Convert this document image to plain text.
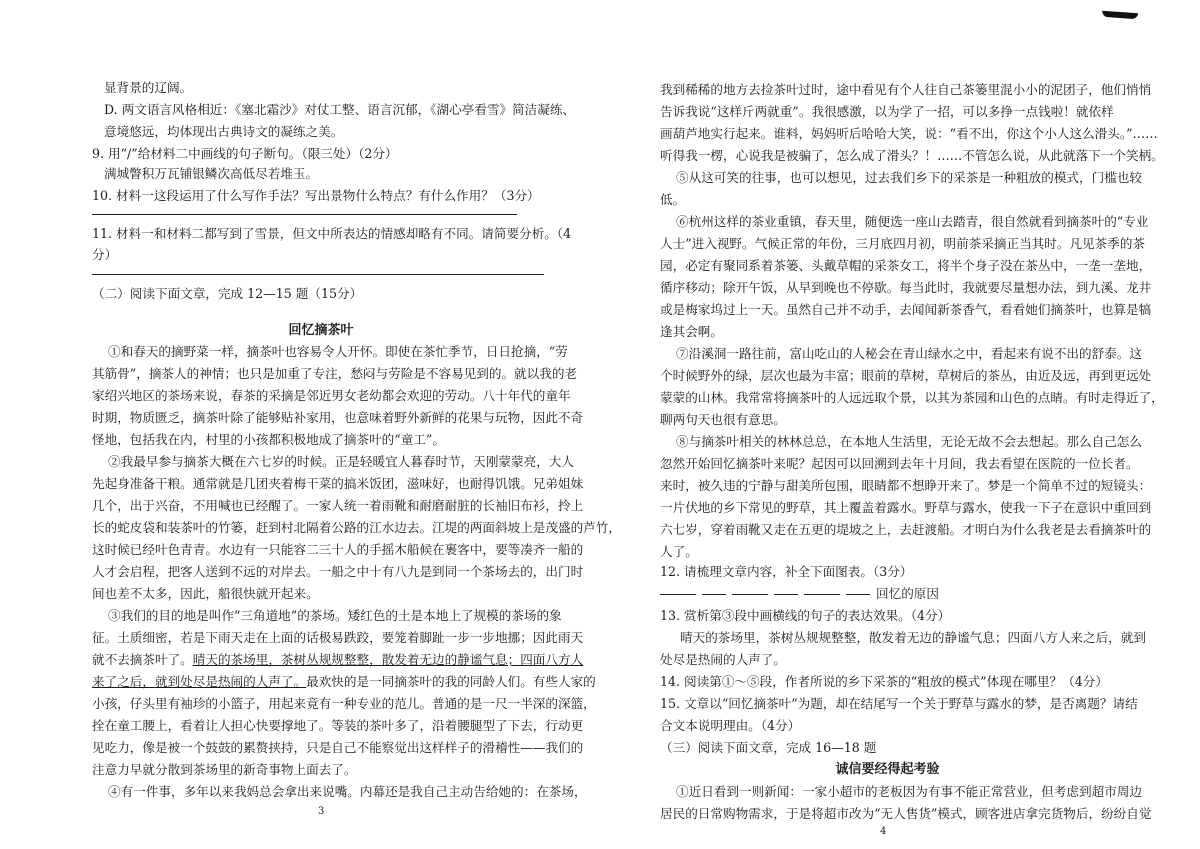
显背景的辽阔。
D. 两文语言风格相近：《塞北霜沙》对仗工整、语言沉郁，《湖心亭看雪》简洁凝练、
意境悠远，均体现出古典诗文的凝练之美。
9. 用“/”给材料二中画线的句子断句。（限三处）（2分）
满城瞥积万瓦铺银鳞次高低尽若堆玉。
10. 材料一这段运用了什么写作手法？写出景物什么特点？有什么作用？（3分）
11. 材料一和材料二都写到了雪景，但文中所表达的情感却略有不同。请简要分析。（4
分）
（二）阅读下面文章，完成 12—15 题（15分）
回忆摘茶叶
①和春天的摘野菜一样，摘茶叶也容易令人开怀。即使在茶忙季节，日日抢摘，“劳
其筋骨”，摘茶人的神情；也只是加重了专注，愁闷与劳险是不容易见到的。就以我的老
家绍兴地区的茶场来说，春茶的采摘是邻近男女老幼都会欢迎的劳动。八十年代的童年
时期，物质匮乏，摘茶叶除了能够贴补家用，也意味着野外新鲜的花果与玩物，因此不奇
怪地，包括我在内，村里的小孩都积极地成了摘茶叶的“童工”。
②我最早参与摘茶大概在六七岁的时候。正是轻暖宜人暮春时节，天刚蒙蒙亮，大人
先起身准备干粮。通常就是几团夹着梅干菜的搞米饭团，滋味好，也耐得饥饿。兄弟姐妹
几个，出于兴奋，不用喊也已经醒了。一家人统一着雨靴和耐磨耐脏的长袖旧布衫，拎上
长的蛇皮袋和装茶叶的竹篓，赶到村北隔着公路的江水边去。江堤的两面斜坡上是茂盛的芦竹，
这时候已经叶色青青。水边有一只能容二三十人的手摇木船候在裹客中，要等凑齐一船的
人才会启程，把客人送到不远的对岸去。一船之中十有八九是到同一个茶场去的，出门时
间也差不太多，因此，船很快就开起来。
③我们的目的地是叫作“三角道地”的茶场。矮红色的土是本地上了规模的茶场的象
征。土质细密，若是下雨天走在上面的话极易跌跤，要笼着脚趾一步一步地挪；因此雨天
就不去摘茶叶了。晴天的茶场里，茶树丛规规整整，散发着无边的静谧气息；四面八方人
来了之后，就到处尽是热闹的人声了。最欢快的是一同摘茶叶的我的同龄人们。有些人家的
小孩，仔头里有袖珍的小篮子，用起来竟有一种专业的范儿。普通的是一尺一半深的深篮，
拴在童工腰上，看着让人担心快要撑地了。等装的茶叶多了，沿着腰腿型了下去，行动更
见吃力，像是被一个鼓鼓的累赘挟持，只是自己不能察觉出这样样子的滑稽性——我们的
注意力早就分散到茶场里的新奇事物上面去了。
④有一件事，多年以来我妈总会拿出来说嘴。内幕还是我自己主动告给她的：在茶场，
3
我到稀稀的地方去捡茶叶过时，途中看见有个人往自己茶篓里混小小的泥团子，他们悄悄
告诉我说“这样斤两就重”。我很感激，以为学了一招，可以多挣一点钱啦！就依样
画葫芦地实行起来。谁料，妈妈听后哈哈大笑，说：“看不出，你这个小人这么滑头。”……
听得我一楞，心说我是被骗了，怎么成了滑头？！……不管怎么说，从此就落下一个笑柄。
⑤从这可笑的往事，也可以想见，过去我们乡下的采茶是一种粗放的模式，门槛也较
低。
⑥杭州这样的茶业重镇，春天里，随便选一座山去踏青，很自然就看到摘茶叶的“专业
人士”进入视野。气候正常的年份，三月底四月初，明前茶采摘正当其时。凡见茶季的茶
园，必定有聚同系着茶篓、头戴草帽的采茶女工，将半个身子没在茶丛中，一垄一垄地，
循序移动；除开午饭，从早到晚也不停歇。每当此时，我就要尽量想办法，到九溪、龙井
或是梅家坞过上一天。虽然自己并不动手，去闻闻新茶香气，看看她们摘茶叶，也算是犒
逢其会啊。
⑦沿溪洞一路往前，富山吃山的人秘会在青山绿水之中，看起来有说不出的舒泰。这
个时候野外的绿，层次也最为丰富；眼前的草树，草树后的茶丛，由近及远，再到更远处
蒙蒙的山林。我常常将摘茶叶的人远远取个景，以其为茶园和山色的点睛。有时走得近了，
聊两句天也很有意思。
⑧与摘茶叶相关的林林总总，在本地人生活里，无论无故不会去想起。那么自己怎么
忽然开始回忆摘茶叶来呢？起因可以回溯到去年十月间，我去看望在医院的一位长者。
来时，被久违的宁静与甜美所包围，眼睛都不想睁开来了。梦是一个简单不过的短镜头：
一片伏地的乡下常见的野草，其上覆盖着露水。野草与露水，使我一下子在意识中重回到
六七岁，穿着雨靴又走在五更的堤坡之上，去赶渡船。才明白为什么我老是去看摘茶叶的
人了。
12. 请梳理文章内容，补全下面图表。（3分）
回忆的原因
13. 赏析第③段中画横线的句子的表达效果。（4分）
晴天的茶场里，茶树丛规规整整，散发着无边的静谧气息；四面八方人来之后，就到
处尽是热闹的人声了。
14. 阅读第①～⑤段，作者所说的乡下采茶的“粗放的模式”体现在哪里？（4分）
15. 文章以“回忆摘茶叶”为题，却在结尾写一个关于野草与露水的梦，是否离题？请结
合文本说明理由。（4分）
（三）阅读下面文章，完成 16—18 题
诚信要经得起考验
①近日看到一则新闻：一家小超市的老板因为有事不能正常营业，但考虑到超市周边
居民的日常购物需求，于是将超市改为“无人售货”模式，顾客进店拿完货物后，纷纷自觉
4
